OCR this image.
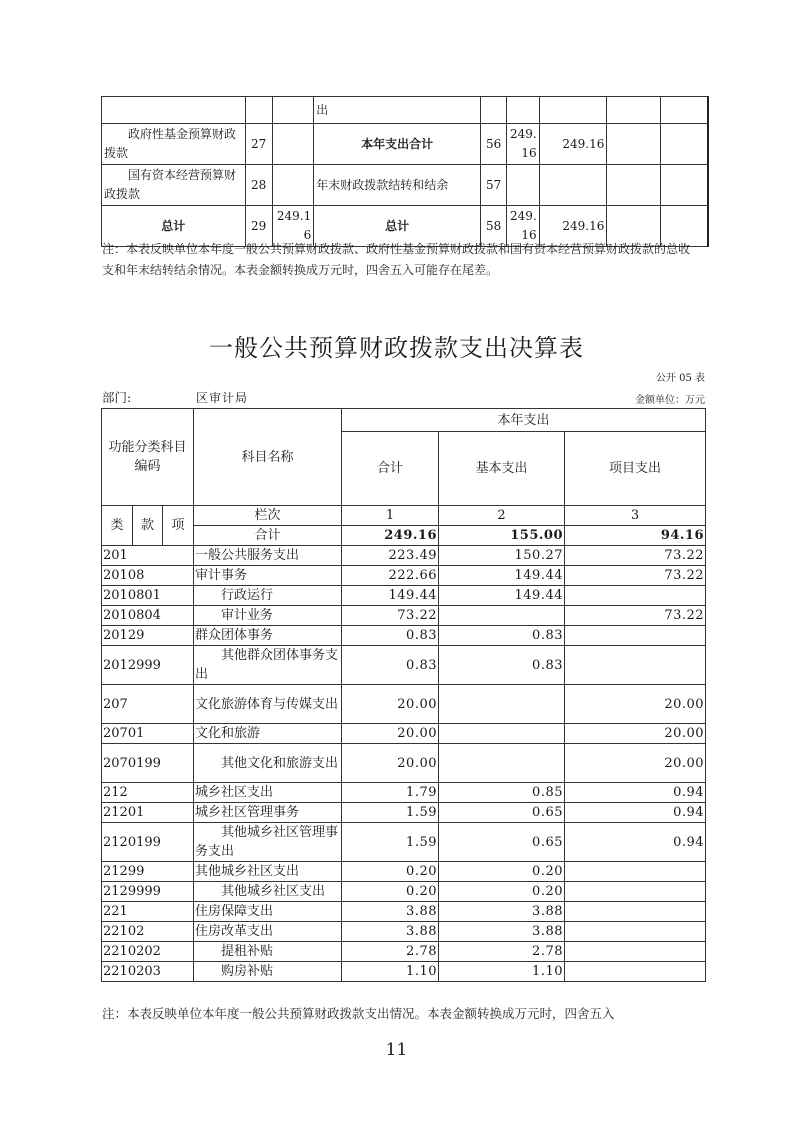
			出					
政府性基金预算财政拨款	27		本年支出合计	56	249.16	249.16		
国有资本经营预算财政拨款	28		年末财政拨款结转和结余	57				
总计	29	249.16	总计	58	249.16	249.16		
注：本表反映单位本年度一般公共预算财政拨款、政府性基金预算财政拨款和国有资本经营预算财政拨款的总收
支和年末结转结余情况。本表金额转换成万元时，四舍五入可能存在尾差。
一般公共预算财政拨款支出决算表
公开 05 表
部门:	区审计局	金额单位：万元
功能分类科目编码			科目名称	本年支出		
				合计	基本支出	项目支出
类	款	项	栏次	1	2	3
			合计	249.16	155.00	94.16
201			一般公共服务支出	223.49	150.27	73.22
20108			审计事务	222.66	149.44	73.22
2010801			行政运行	149.44	149.44	
2010804			审计业务	73.22		73.22
20129			群众团体事务	0.83	0.83	
2012999			其他群众团体事务支出	0.83	0.83	
207			文化旅游体育与传媒支出	20.00		20.00
20701			文化和旅游	20.00		20.00
2070199			其他文化和旅游支出	20.00		20.00
212			城乡社区支出	1.79	0.85	0.94
21201			城乡社区管理事务	1.59	0.65	0.94
2120199			其他城乡社区管理事务支出	1.59	0.65	0.94
21299			其他城乡社区支出	0.20	0.20	
2129999			其他城乡社区支出	0.20	0.20	
221			住房保障支出	3.88	3.88	
22102			住房改革支出	3.88	3.88	
2210202			提租补贴	2.78	2.78	
2210203			购房补贴	1.10	1.10	
注：本表反映单位本年度一般公共预算财政拨款支出情况。本表金额转换成万元时，四舍五入
11
